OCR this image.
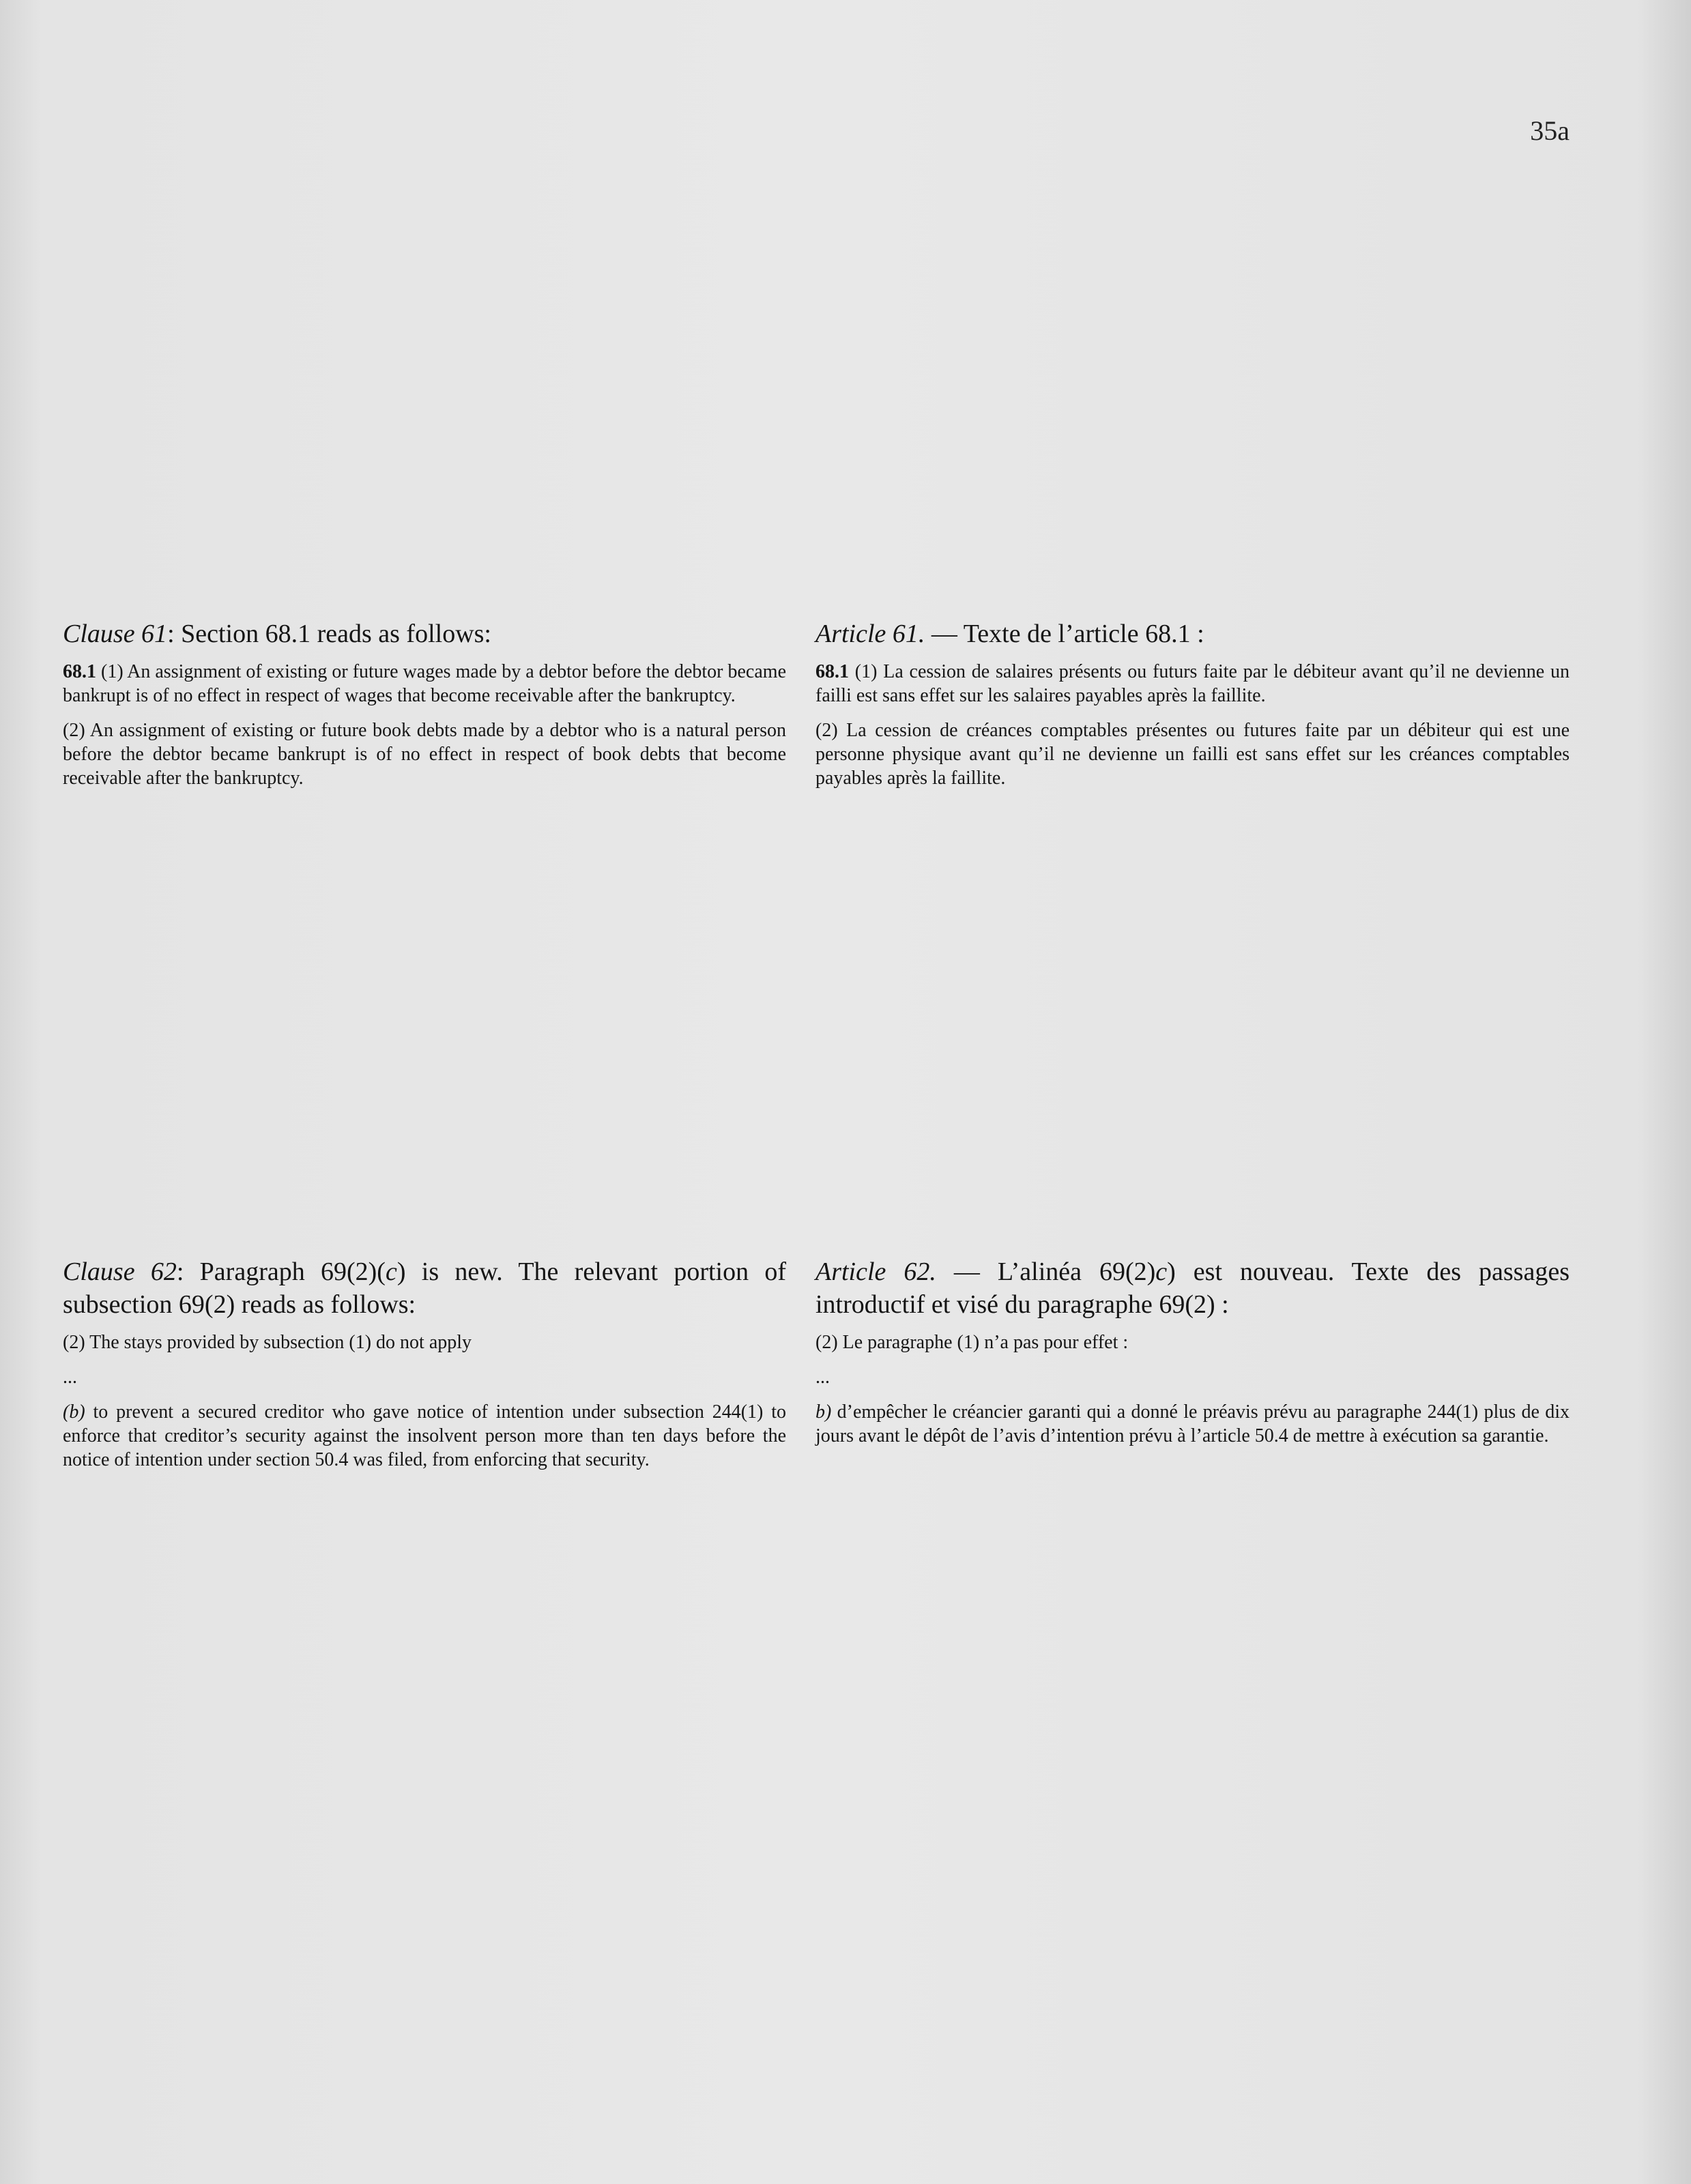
35a

Clause 61: Section 68.1 reads as follows:

68.1 (1) An assignment of existing or future wages made by a debtor before the debtor became bankrupt is of no effect in respect of wages that become receivable after the bankruptcy.

(2) An assignment of existing or future book debts made by a debtor who is a natural person before the debtor became bankrupt is of no effect in respect of book debts that become receivable after the bankruptcy.

Article 61. — Texte de l’article 68.1 :

68.1 (1) La cession de salaires présents ou futurs faite par le débiteur avant qu’il ne devienne un failli est sans effet sur les salaires payables après la faillite.

(2) La cession de créances comptables présentes ou futures faite par un débiteur qui est une personne physique avant qu’il ne devienne un failli est sans effet sur les créances comptables payables après la faillite.

Clause 62: Paragraph 69(2)(c) is new. The relevant portion of subsection 69(2) reads as follows:

(2) The stays provided by subsection (1) do not apply

...

(b) to prevent a secured creditor who gave notice of intention under subsection 244(1) to enforce that creditor’s security against the insolvent person more than ten days before the notice of intention under section 50.4 was filed, from enforcing that security.

Article 62. — L’alinéa 69(2)c) est nouveau. Texte des passages introductif et visé du paragraphe 69(2) :

(2) Le paragraphe (1) n’a pas pour effet :

...

b) d’empêcher le créancier garanti qui a donné le préavis prévu au paragraphe 244(1) plus de dix jours avant le dépôt de l’avis d’intention prévu à l’article 50.4 de mettre à exécution sa garantie.
